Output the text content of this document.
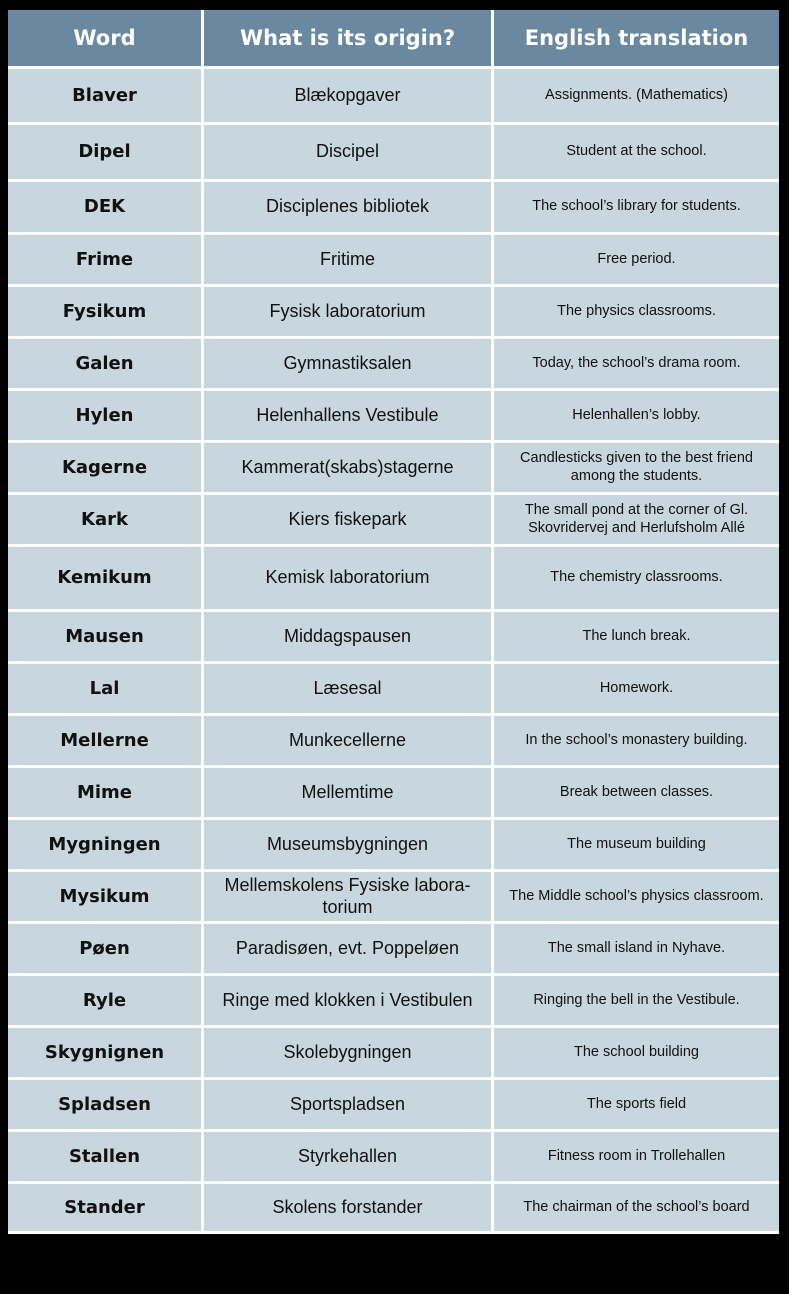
Word	What is its origin?	English translation
Blaver	Blækopgaver	Assignments. (Mathematics)
Dipel	Discipel	Student at the school.
DEK	Disciplenes bibliotek	The school’s library for students.
Frime	Fritime	Free period.
Fysikum	Fysisk laboratorium	The physics classrooms.
Galen	Gymnastiksalen	Today, the school’s drama room.
Hylen	Helenhallens Vestibule	Helenhallen’s lobby.
Kagerne	Kammerat(skabs)stagerne	Candlesticks given to the best friend among the students.
Kark	Kiers fiskepark	The small pond at the corner of Gl. Skovridervej and Herlufsholm Allé
Kemikum	Kemisk laboratorium	The chemistry classrooms.
Mausen	Middagspausen	The lunch break.
Lal	Læsesal	Homework.
Mellerne	Munkecellerne	In the school’s monastery building.
Mime	Mellemtime	Break between classes.
Mygningen	Museumsbygningen	The museum building
Mysikum	Mellemskolens Fysiske labora-torium	The Middle school’s physics classroom.
Pøen	Paradisøen, evt. Poppeløen	The small island in Nyhave.
Ryle	Ringe med klokken i Vestibulen	Ringing the bell in the Vestibule.
Skygnignen	Skolebygningen	The school building
Spladsen	Sportspladsen	The sports field
Stallen	Styrkehallen	Fitness room in Trollehallen
Stander	Skolens forstander	The chairman of the school’s board
